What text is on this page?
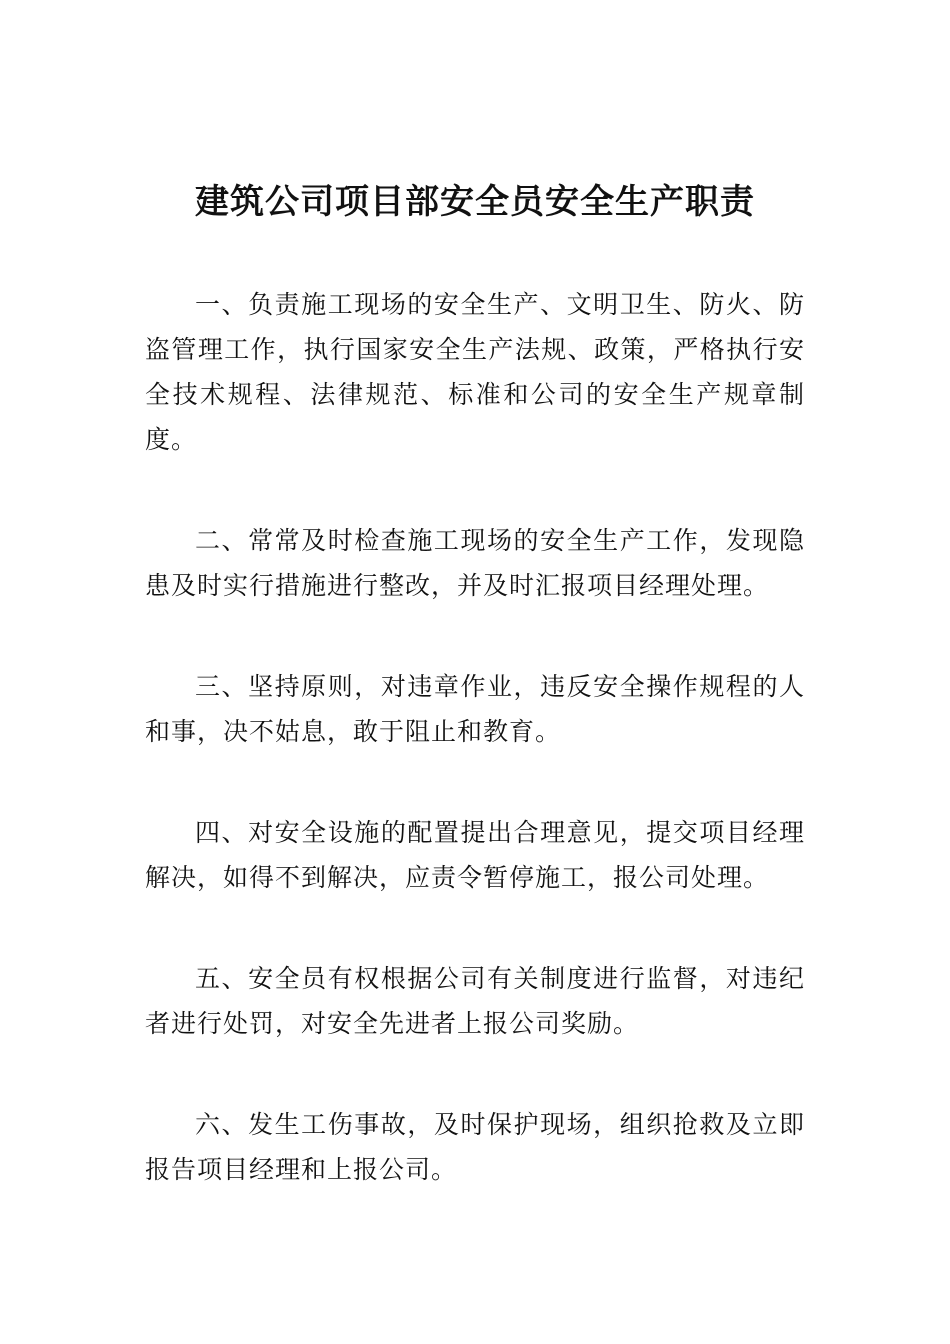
建筑公司项目部安全员安全生产职责

一、负责施工现场的安全生产、文明卫生、防火、防盗管理工作，执行国家安全生产法规、政策，严格执行安全技术规程、法律规范、标准和公司的安全生产规章制度。

二、常常及时检查施工现场的安全生产工作，发现隐患及时实行措施进行整改，并及时汇报项目经理处理。

三、坚持原则，对违章作业，违反安全操作规程的人和事，决不姑息，敢于阻止和教育。

四、对安全设施的配置提出合理意见，提交项目经理解决，如得不到解决，应责令暂停施工，报公司处理。

五、安全员有权根据公司有关制度进行监督，对违纪者进行处罚，对安全先进者上报公司奖励。

六、发生工伤事故，及时保护现场，组织抢救及立即报告项目经理和上报公司。
